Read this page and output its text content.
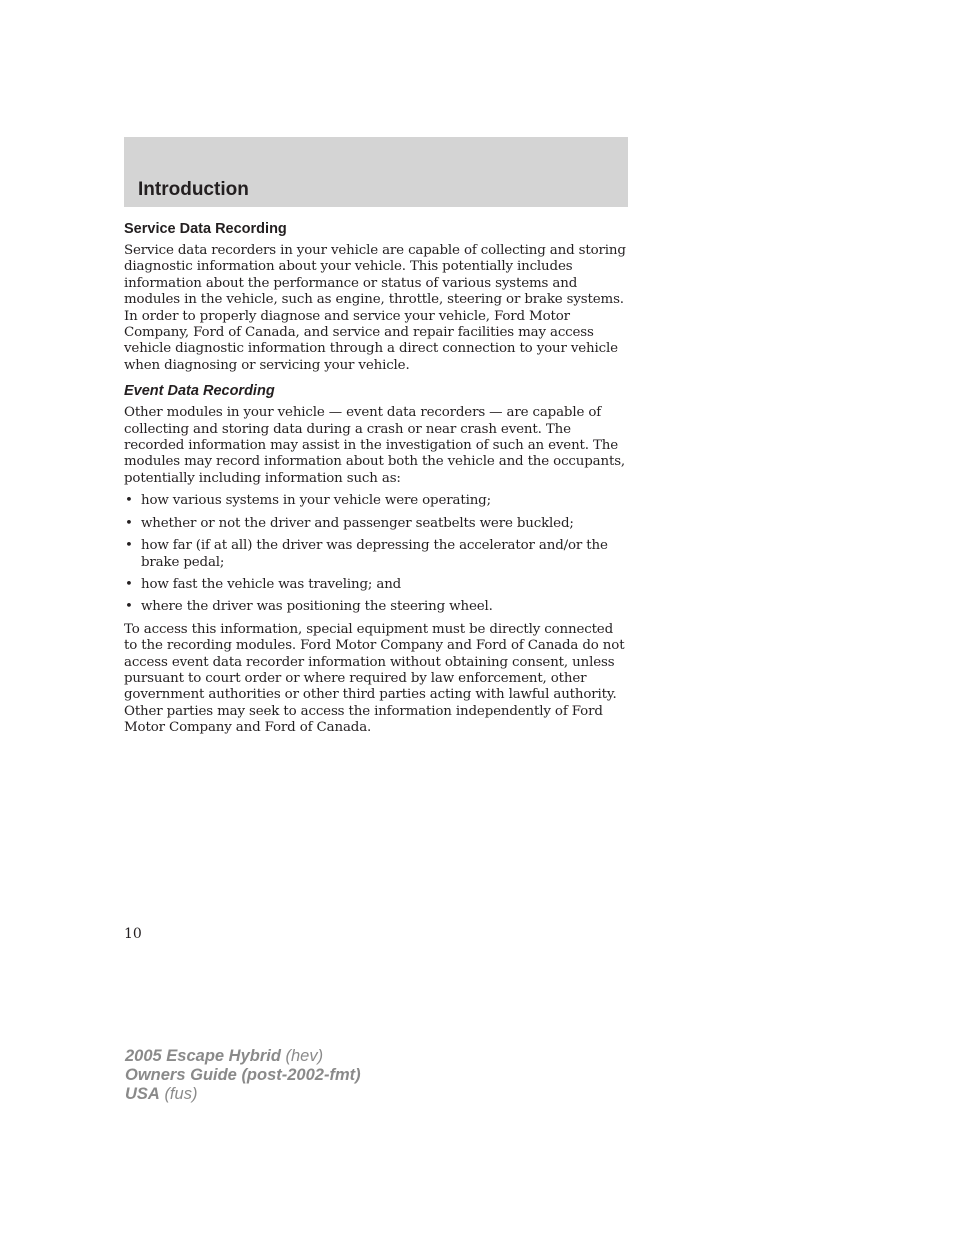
Introduction
Service Data Recording

Service data recorders in your vehicle are capable of collecting and storing diagnostic information about your vehicle. This potentially includes information about the performance or status of various systems and modules in the vehicle, such as engine, throttle, steering or brake systems. In order to properly diagnose and service your vehicle, Ford Motor Company, Ford of Canada, and service and repair facilities may access vehicle diagnostic information through a direct connection to your vehicle when diagnosing or servicing your vehicle.

Event Data Recording

Other modules in your vehicle — event data recorders — are capable of collecting and storing data during a crash or near crash event. The recorded information may assist in the investigation of such an event. The modules may record information about both the vehicle and the occupants, potentially including information such as:

• how various systems in your vehicle were operating;
• whether or not the driver and passenger seatbelts were buckled;
• how far (if at all) the driver was depressing the accelerator and/or the brake pedal;
• how fast the vehicle was traveling; and
• where the driver was positioning the steering wheel.

To access this information, special equipment must be directly connected to the recording modules. Ford Motor Company and Ford of Canada do not access event data recorder information without obtaining consent, unless pursuant to court order or where required by law enforcement, other government authorities or other third parties acting with lawful authority. Other parties may seek to access the information independently of Ford Motor Company and Ford of Canada.

10
2005 Escape Hybrid (hev)
Owners Guide (post-2002-fmt)
USA (fus)
